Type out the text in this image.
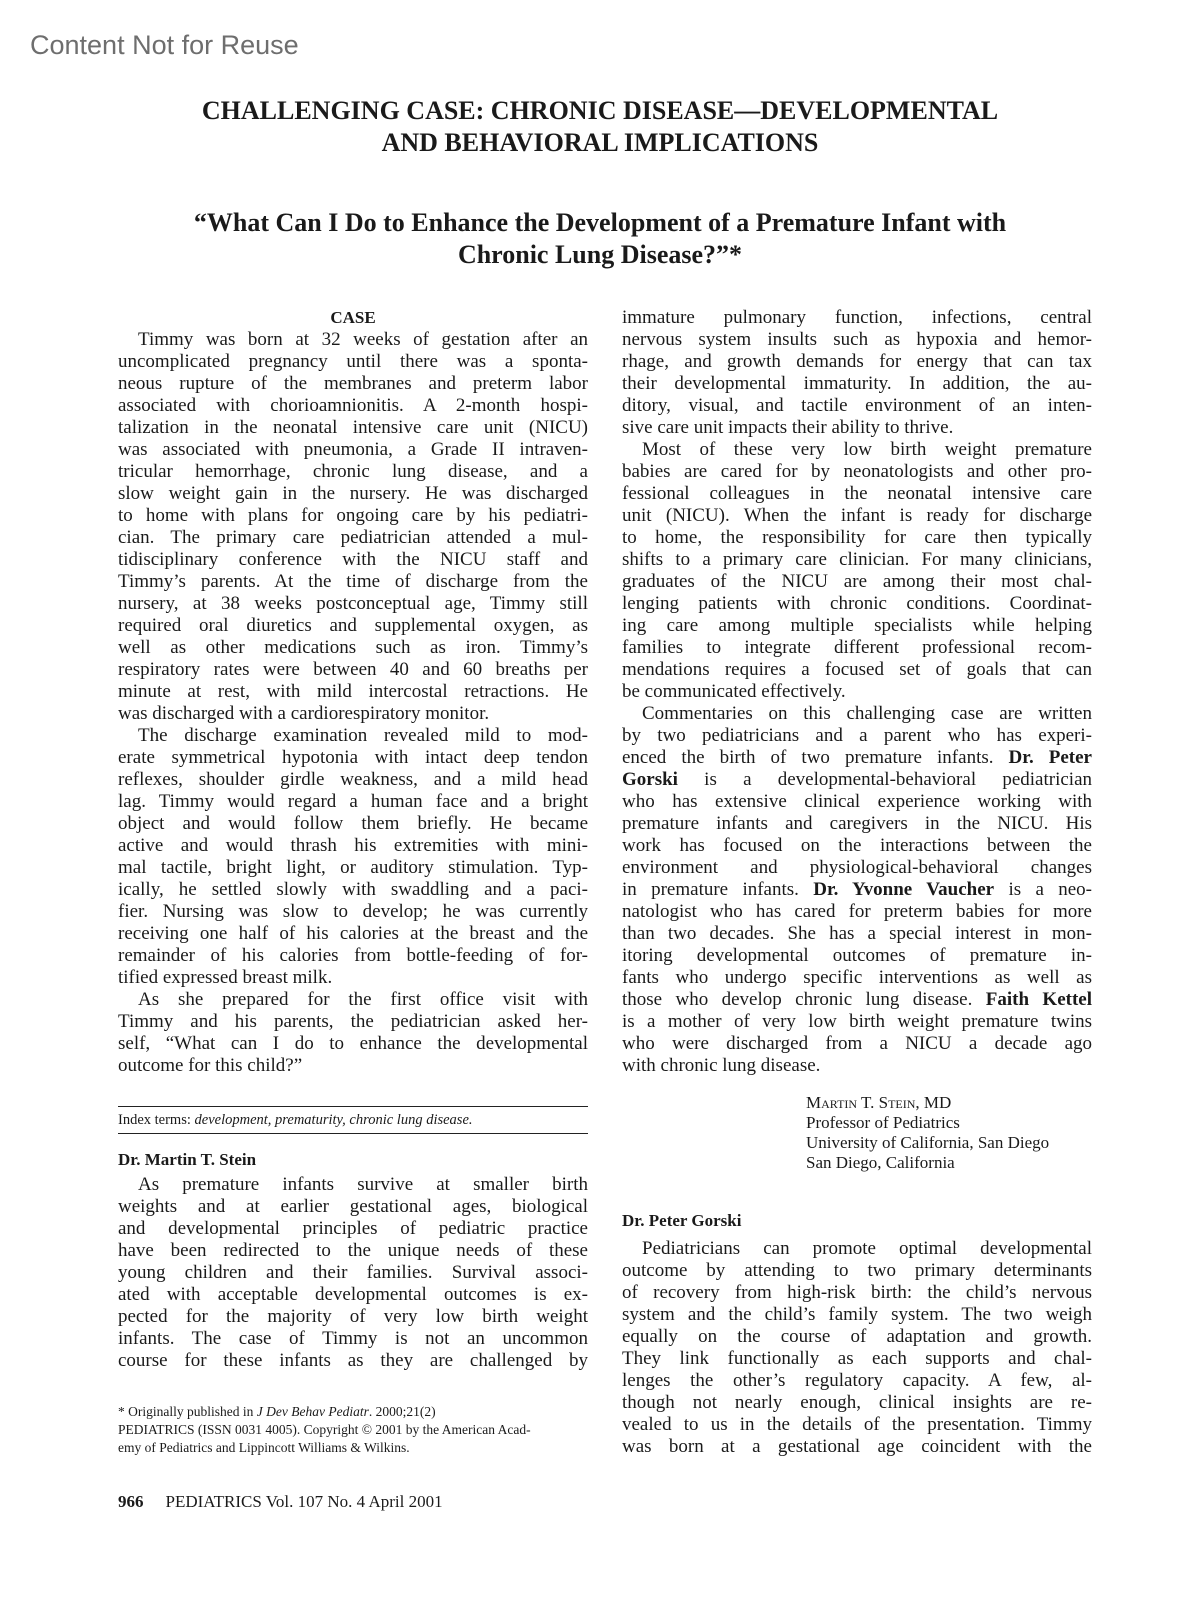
Content Not for Reuse
CHALLENGING CASE: CHRONIC DISEASE—DEVELOPMENTAL
AND BEHAVIORAL IMPLICATIONS
“What Can I Do to Enhance the Development of a Premature Infant with
Chronic Lung Disease?”*
CASE
Timmy was born at 32 weeks of gestation after an
uncomplicated pregnancy until there was a sponta-
neous rupture of the membranes and preterm labor
associated with chorioamnionitis. A 2-month hospi-
talization in the neonatal intensive care unit (NICU)
was associated with pneumonia, a Grade II intraven-
tricular hemorrhage, chronic lung disease, and a
slow weight gain in the nursery. He was discharged
to home with plans for ongoing care by his pediatri-
cian. The primary care pediatrician attended a mul-
tidisciplinary conference with the NICU staff and
Timmy’s parents. At the time of discharge from the
nursery, at 38 weeks postconceptual age, Timmy still
required oral diuretics and supplemental oxygen, as
well as other medications such as iron. Timmy’s
respiratory rates were between 40 and 60 breaths per
minute at rest, with mild intercostal retractions. He
was discharged with a cardiorespiratory monitor.
The discharge examination revealed mild to mod-
erate symmetrical hypotonia with intact deep tendon
reflexes, shoulder girdle weakness, and a mild head
lag. Timmy would regard a human face and a bright
object and would follow them briefly. He became
active and would thrash his extremities with mini-
mal tactile, bright light, or auditory stimulation. Typ-
ically, he settled slowly with swaddling and a paci-
fier. Nursing was slow to develop; he was currently
receiving one half of his calories at the breast and the
remainder of his calories from bottle-feeding of for-
tified expressed breast milk.
As she prepared for the first office visit with
Timmy and his parents, the pediatrician asked her-
self, “What can I do to enhance the developmental
outcome for this child?”
Index terms: development, prematurity, chronic lung disease.
Dr. Martin T. Stein
As premature infants survive at smaller birth
weights and at earlier gestational ages, biological
and developmental principles of pediatric practice
have been redirected to the unique needs of these
young children and their families. Survival associ-
ated with acceptable developmental outcomes is ex-
pected for the majority of very low birth weight
infants. The case of Timmy is not an uncommon
course for these infants as they are challenged by
* Originally published in J Dev Behav Pediatr. 2000;21(2)
PEDIATRICS (ISSN 0031 4005). Copyright © 2001 by the American Acad-
emy of Pediatrics and Lippincott Williams & Wilkins.
immature pulmonary function, infections, central
nervous system insults such as hypoxia and hemor-
rhage, and growth demands for energy that can tax
their developmental immaturity. In addition, the au-
ditory, visual, and tactile environment of an inten-
sive care unit impacts their ability to thrive.
Most of these very low birth weight premature
babies are cared for by neonatologists and other pro-
fessional colleagues in the neonatal intensive care
unit (NICU). When the infant is ready for discharge
to home, the responsibility for care then typically
shifts to a primary care clinician. For many clinicians,
graduates of the NICU are among their most chal-
lenging patients with chronic conditions. Coordinat-
ing care among multiple specialists while helping
families to integrate different professional recom-
mendations requires a focused set of goals that can
be communicated effectively.
Commentaries on this challenging case are written
by two pediatricians and a parent who has experi-
enced the birth of two premature infants. Dr. Peter
Gorski is a developmental-behavioral pediatrician
who has extensive clinical experience working with
premature infants and caregivers in the NICU. His
work has focused on the interactions between the
environment and physiological-behavioral changes
in premature infants. Dr. Yvonne Vaucher is a neo-
natologist who has cared for preterm babies for more
than two decades. She has a special interest in mon-
itoring developmental outcomes of premature in-
fants who undergo specific interventions as well as
those who develop chronic lung disease. Faith Kettel
is a mother of very low birth weight premature twins
who were discharged from a NICU a decade ago
with chronic lung disease.
Martin T. Stein, MD
Professor of Pediatrics
University of California, San Diego
San Diego, California
Dr. Peter Gorski
Pediatricians can promote optimal developmental
outcome by attending to two primary determinants
of recovery from high-risk birth: the child’s nervous
system and the child’s family system. The two weigh
equally on the course of adaptation and growth.
They link functionally as each supports and chal-
lenges the other’s regulatory capacity. A few, al-
though not nearly enough, clinical insights are re-
vealed to us in the details of the presentation. Timmy
was born at a gestational age coincident with the
966 PEDIATRICS Vol. 107 No. 4 April 2001
